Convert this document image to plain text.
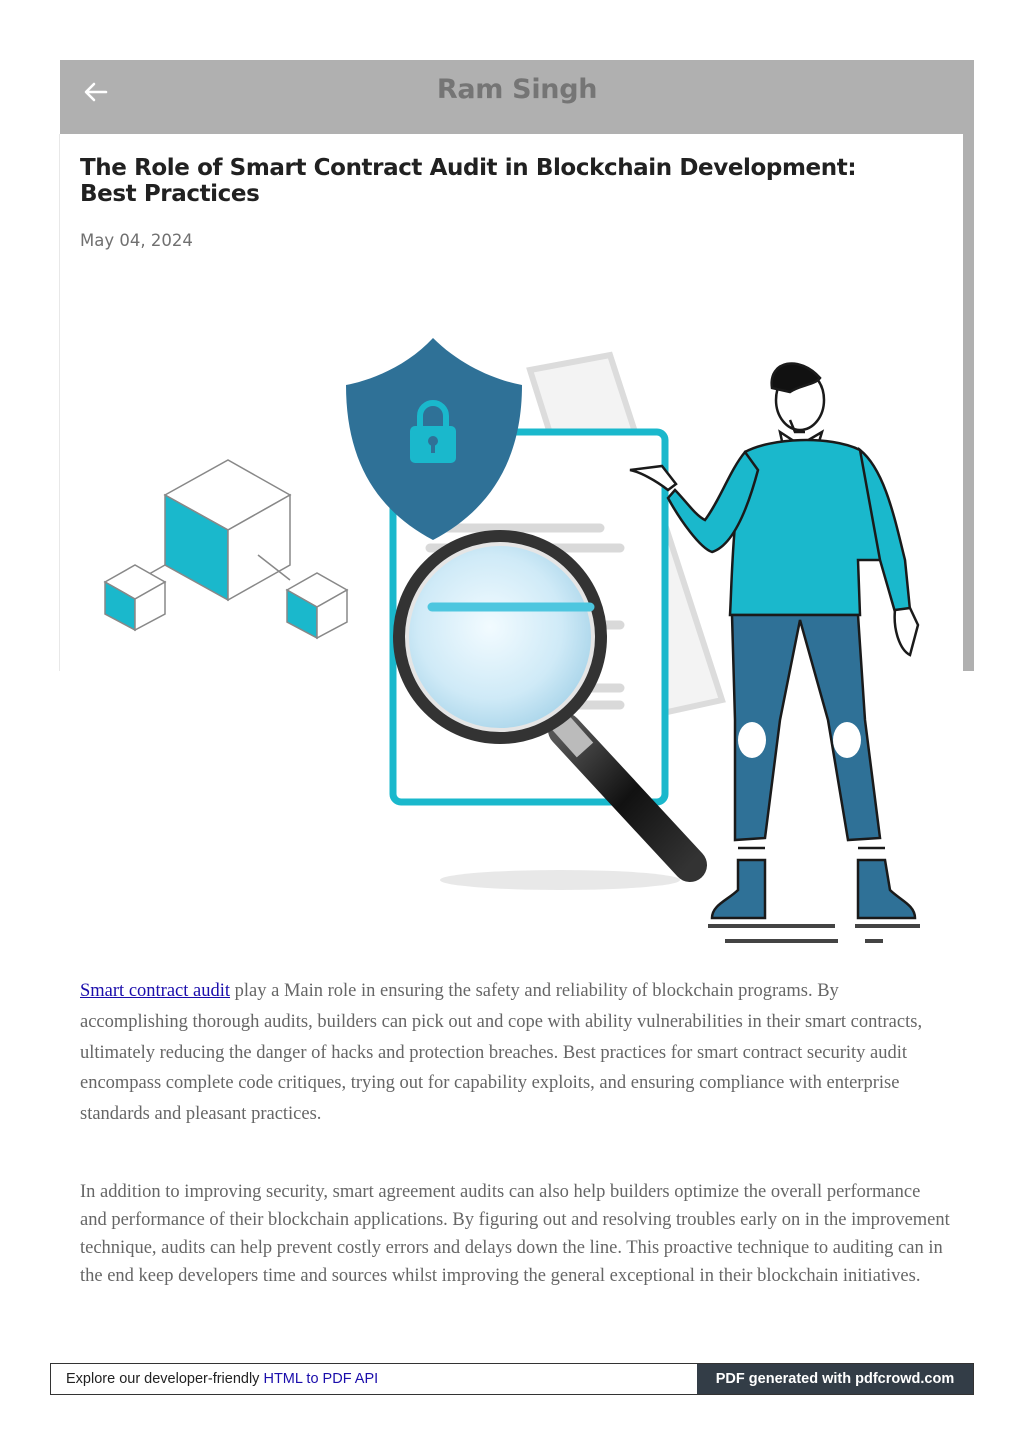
Ram Singh
The Role of Smart Contract Audit in Blockchain Development: Best Practices
May 04, 2024

Smart contract audit play a Main role in ensuring the safety and reliability of blockchain programs. By accomplishing thorough audits, builders can pick out and cope with ability vulnerabilities in their smart contracts, ultimately reducing the danger of hacks and protection breaches. Best practices for smart contract security audit encompass complete code critiques, trying out for capability exploits, and ensuring compliance with enterprise standards and pleasant practices.

In addition to improving security, smart agreement audits can also help builders optimize the overall performance and performance of their blockchain applications. By figuring out and resolving troubles early on in the improvement technique, audits can help prevent costly errors and delays down the line. This proactive technique to auditing can in the end keep developers time and sources whilst improving the general exceptional in their blockchain initiatives.

Explore our developer-friendly HTML to PDF API	PDF generated with pdfcrowd.com
